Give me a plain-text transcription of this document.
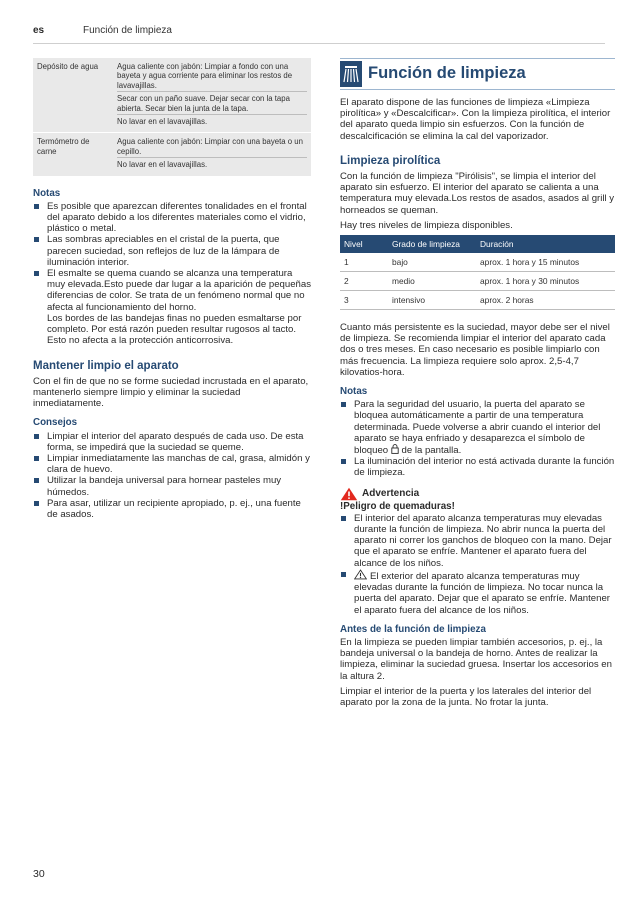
es	Función de limpieza
Depósito de agua	Agua caliente con jabón: Limpiar a fondo con una bayeta y agua corriente para eliminar los restos de lavavajillas.
Secar con un paño suave. Dejar secar con la tapa abierta. Secar bien la junta de la tapa.
No lavar en el lavavajillas.

Termómetro de carne	Agua caliente con jabón: Limpiar con una bayeta o un cepillo.
No lavar en el lavavajillas.
Notas
Es posible que aparezcan diferentes tonalidades en el frontal del aparato debido a los diferentes materiales como el vidrio, plástico o metal.
Las sombras apreciables en el cristal de la puerta, que parecen suciedad, son reflejos de luz de la lámpara de iluminación interior.
El esmalte se quema cuando se alcanza una temperatura muy elevada.Esto puede dar lugar a la aparición de pequeñas diferencias de color. Se trata de un fenómeno normal que no afecta al funcionamiento del horno.
Los bordes de las bandejas finas no pueden esmaltarse por completo. Por está razón pueden resultar rugosos al tacto. Esto no afecta a la protección anticorrosiva.
Mantener limpio el aparato

Con el fin de que no se forme suciedad incrustada en el aparato, mantenerlo siempre limpio y eliminar la suciedad inmediatamente.

Consejos
Limpiar el interior del aparato después de cada uso. De esta forma, se impedirá que la suciedad se queme.
Limpiar inmediatamente las manchas de cal, grasa, almidón y clara de huevo.
Utilizar la bandeja universal para hornear pasteles muy húmedos.
Para asar, utilizar un recipiente apropiado, p. ej., una fuente de asados.
Función de limpieza

El aparato dispone de las funciones de limpieza «Limpieza pirolítica» y «Descalcificar». Con la limpieza pirolítica, el interior del aparato queda limpio sin esfuerzos. Con la función de descalcificación se elimina la cal del vaporizador.

Limpieza pirolítica

Con la función de limpieza "Pirólisis", se limpia el interior del aparato sin esfuerzo. El interior del aparato se calienta a una temperatura muy elevada.Los restos de asados, asados al grill y horneados se queman.

Hay tres niveles de limpieza disponibles.

Nivel	Grado de limpieza	Duración
1	bajo	aprox. 1 hora y 15 minutos
2	medio	aprox. 1 hora y 30 minutos
3	intensivo	aprox. 2 horas

Cuanto más persistente es la suciedad, mayor debe ser el nivel de limpieza. Se recomienda limpiar el interior del aparato cada dos o tres meses. En caso necesario es posible limpiarlo con más frecuencia. La limpieza requiere solo aprox. 2,5-4,7 kilovatios-hora.

Notas
Para la seguridad del usuario, la puerta del aparato se bloquea automáticamente a partir de una temperatura determinada. Puede volverse a abrir cuando el interior del aparato se haya enfriado y desaparezca el símbolo de bloqueo de la pantalla.
La iluminación del interior no está activada durante la función de limpieza.
Advertencia
!Peligro de quemaduras!
El interior del aparato alcanza temperaturas muy elevadas durante la función de limpieza. No abrir nunca la puerta del aparato ni correr los ganchos de bloqueo con la mano. Dejar que el aparato se enfríe. Mantener el aparato fuera del alcance de los niños.
El exterior del aparato alcanza temperaturas muy elevadas durante la función de limpieza. No tocar nunca la puerta del aparato. Dejar que el aparato se enfríe. Mantener el aparato fuera del alcance de los niños.
Antes de la función de limpieza

En la limpieza se pueden limpiar también accesorios, p. ej., la bandeja universal o la bandeja de horno. Antes de realizar la limpieza, eliminar la suciedad gruesa. Insertar los accesorios en la altura 2.

Limpiar el interior de la puerta y los laterales del interior del aparato por la zona de la junta. No frotar la junta.

30
